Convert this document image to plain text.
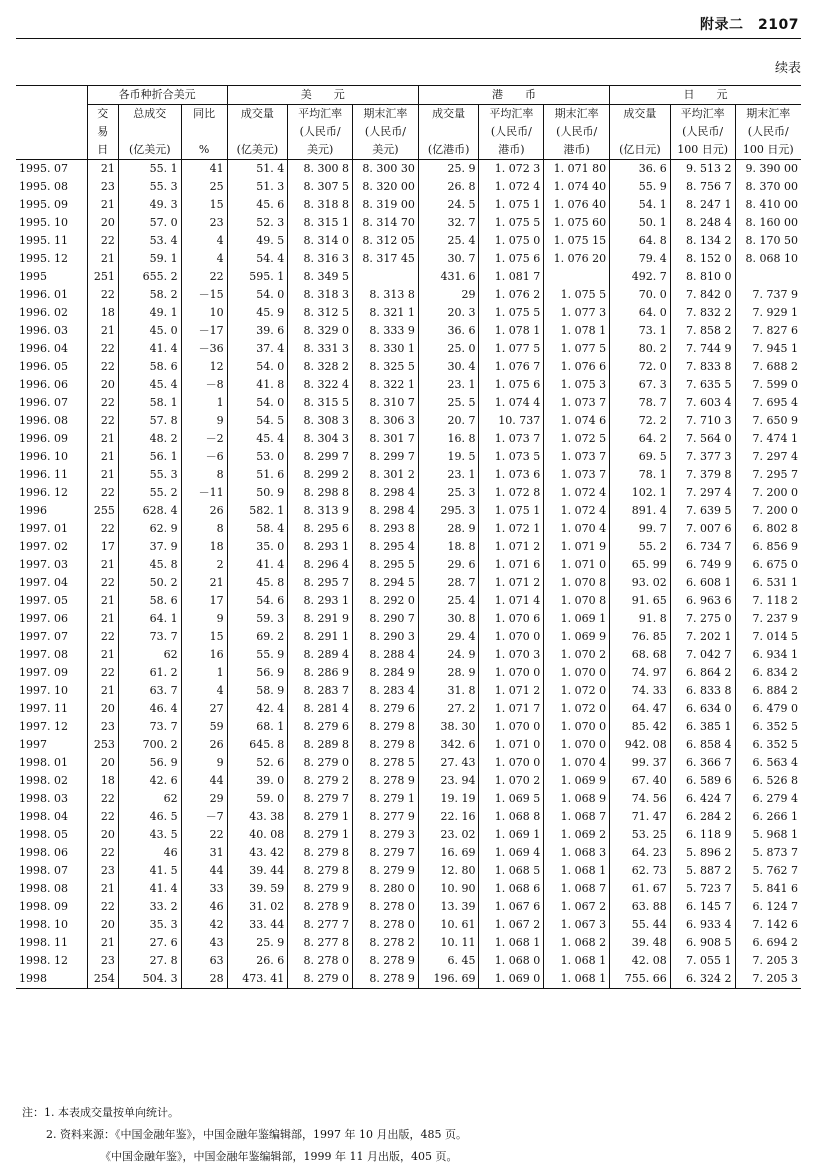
附录二　2107
续表
	各币种折合美元			美　　元			港　　币			日　　元		
	交	总成交	同比	成交量	平均汇率	期末汇率	成交量	平均汇率	期末汇率	成交量	平均汇率	期末汇率
	易				(人民币/	(人民币/		(人民币/	(人民币/		(人民币/	(人民币/
	日	(亿美元)	%	(亿美元)	美元)	美元)	(亿港币)	港币)	港币)	(亿日元)	100 日元)	100 日元)
1995. 07	21	55. 1	41	51. 4	8. 300 8	8. 300 30	25. 9	1. 072 3	1. 071 80	36. 6	9. 513 2	9. 390 00
1995. 08	23	55. 3	25	51. 3	8. 307 5	8. 320 00	26. 8	1. 072 4	1. 074 40	55. 9	8. 756 7	8. 370 00
1995. 09	21	49. 3	15	45. 6	8. 318 8	8. 319 00	24. 5	1. 075 1	1. 076 40	54. 1	8. 247 1	8. 410 00
1995. 10	20	57. 0	23	52. 3	8. 315 1	8. 314 70	32. 7	1. 075 5	1. 075 60	50. 1	8. 248 4	8. 160 00
1995. 11	22	53. 4	4	49. 5	8. 314 0	8. 312 05	25. 4	1. 075 0	1. 075 15	64. 8	8. 134 2	8. 170 50
1995. 12	21	59. 1	4	54. 4	8. 316 3	8. 317 45	30. 7	1. 075 6	1. 076 20	79. 4	8. 152 0	8. 068 10
1995	251	655. 2	22	595. 1	8. 349 5		431. 6	1. 081 7		492. 7	8. 810 0	
1996. 01	22	58. 2	－15	54. 0	8. 318 3	8. 313 8	29	1. 076 2	1. 075 5	70. 0	7. 842 0	7. 737 9
1996. 02	18	49. 1	10	45. 9	8. 312 5	8. 321 1	20. 3	1. 075 5	1. 077 3	64. 0	7. 832 2	7. 929 1
1996. 03	21	45. 0	－17	39. 6	8. 329 0	8. 333 9	36. 6	1. 078 1	1. 078 1	73. 1	7. 858 2	7. 827 6
1996. 04	22	41. 4	－36	37. 4	8. 331 3	8. 330 1	25. 0	1. 077 5	1. 077 5	80. 2	7. 744 9	7. 945 1
1996. 05	22	58. 6	12	54. 0	8. 328 2	8. 325 5	30. 4	1. 076 7	1. 076 6	72. 0	7. 833 8	7. 688 2
1996. 06	20	45. 4	－8	41. 8	8. 322 4	8. 322 1	23. 1	1. 075 6	1. 075 3	67. 3	7. 635 5	7. 599 0
1996. 07	22	58. 1	1	54. 0	8. 315 5	8. 310 7	25. 5	1. 074 4	1. 073 7	78. 7	7. 603 4	7. 695 4
1996. 08	22	57. 8	9	54. 5	8. 308 3	8. 306 3	20. 7	10. 737	1. 074 6	72. 2	7. 710 3	7. 650 9
1996. 09	21	48. 2	－2	45. 4	8. 304 3	8. 301 7	16. 8	1. 073 7	1. 072 5	64. 2	7. 564 0	7. 474 1
1996. 10	21	56. 1	－6	53. 0	8. 299 7	8. 299 7	19. 5	1. 073 5	1. 073 7	69. 5	7. 377 3	7. 297 4
1996. 11	21	55. 3	8	51. 6	8. 299 2	8. 301 2	23. 1	1. 073 6	1. 073 7	78. 1	7. 379 8	7. 295 7
1996. 12	22	55. 2	－11	50. 9	8. 298 8	8. 298 4	25. 3	1. 072 8	1. 072 4	102. 1	7. 297 4	7. 200 0
1996	255	628. 4	26	582. 1	8. 313 9	8. 298 4	295. 3	1. 075 1	1. 072 4	891. 4	7. 639 5	7. 200 0
1997. 01	22	62. 9	8	58. 4	8. 295 6	8. 293 8	28. 9	1. 072 1	1. 070 4	99. 7	7. 007 6	6. 802 8
1997. 02	17	37. 9	18	35. 0	8. 293 1	8. 295 4	18. 8	1. 071 2	1. 071 9	55. 2	6. 734 7	6. 856 9
1997. 03	21	45. 8	2	41. 4	8. 296 4	8. 295 5	29. 6	1. 071 6	1. 071 0	65. 99	6. 749 9	6. 675 0
1997. 04	22	50. 2	21	45. 8	8. 295 7	8. 294 5	28. 7	1. 071 2	1. 070 8	93. 02	6. 608 1	6. 531 1
1997. 05	21	58. 6	17	54. 6	8. 293 1	8. 292 0	25. 4	1. 071 4	1. 070 8	91. 65	6. 963 6	7. 118 2
1997. 06	21	64. 1	9	59. 3	8. 291 9	8. 290 7	30. 8	1. 070 6	1. 069 1	91. 8	7. 275 0	7. 237 9
1997. 07	22	73. 7	15	69. 2	8. 291 1	8. 290 3	29. 4	1. 070 0	1. 069 9	76. 85	7. 202 1	7. 014 5
1997. 08	21	62	16	55. 9	8. 289 4	8. 288 4	24. 9	1. 070 3	1. 070 2	68. 68	7. 042 7	6. 934 1
1997. 09	22	61. 2	1	56. 9	8. 286 9	8. 284 9	28. 9	1. 070 0	1. 070 0	74. 97	6. 864 2	6. 834 2
1997. 10	21	63. 7	4	58. 9	8. 283 7	8. 283 4	31. 8	1. 071 2	1. 072 0	74. 33	6. 833 8	6. 884 2
1997. 11	20	46. 4	27	42. 4	8. 281 4	8. 279 6	27. 2	1. 071 7	1. 072 0	64. 47	6. 634 0	6. 479 0
1997. 12	23	73. 7	59	68. 1	8. 279 6	8. 279 8	38. 30	1. 070 0	1. 070 0	85. 42	6. 385 1	6. 352 5
1997	253	700. 2	26	645. 8	8. 289 8	8. 279 8	342. 6	1. 071 0	1. 070 0	942. 08	6. 858 4	6. 352 5
1998. 01	20	56. 9	9	52. 6	8. 279 0	8. 278 5	27. 43	1. 070 0	1. 070 4	99. 37	6. 366 7	6. 563 4
1998. 02	18	42. 6	44	39. 0	8. 279 2	8. 278 9	23. 94	1. 070 2	1. 069 9	67. 40	6. 589 6	6. 526 8
1998. 03	22	62	29	59. 0	8. 279 7	8. 279 1	19. 19	1. 069 5	1. 068 9	74. 56	6. 424 7	6. 279 4
1998. 04	22	46. 5	－7	43. 38	8. 279 1	8. 277 9	22. 16	1. 068 8	1. 068 7	71. 47	6. 284 2	6. 266 1
1998. 05	20	43. 5	22	40. 08	8. 279 1	8. 279 3	23. 02	1. 069 1	1. 069 2	53. 25	6. 118 9	5. 968 1
1998. 06	22	46	31	43. 42	8. 279 8	8. 279 7	16. 69	1. 069 4	1. 068 3	64. 23	5. 896 2	5. 873 7
1998. 07	23	41. 5	44	39. 44	8. 279 8	8. 279 9	12. 80	1. 068 5	1. 068 1	62. 73	5. 887 2	5. 762 7
1998. 08	21	41. 4	33	39. 59	8. 279 9	8. 280 0	10. 90	1. 068 6	1. 068 7	61. 67	5. 723 7	5. 841 6
1998. 09	22	33. 2	46	31. 02	8. 278 9	8. 278 0	13. 39	1. 067 6	1. 067 2	63. 88	6. 145 7	6. 124 7
1998. 10	20	35. 3	42	33. 44	8. 277 7	8. 278 0	10. 61	1. 067 2	1. 067 3	55. 44	6. 933 4	7. 142 6
1998. 11	21	27. 6	43	25. 9	8. 277 8	8. 278 2	10. 11	1. 068 1	1. 068 2	39. 48	6. 908 5	6. 694 2
1998. 12	23	27. 8	63	26. 6	8. 278 0	8. 278 9	6. 45	1. 068 0	1. 068 1	42. 08	7. 055 1	7. 205 3
1998	254	504. 3	28	473. 41	8. 279 0	8. 278 9	196. 69	1. 069 0	1. 068 1	755. 66	6. 324 2	7. 205 3
注：1. 本表成交量按单向统计。
2. 资料来源：《中国金融年鉴》，中国金融年鉴编辑部，1997 年 10 月出版，485 页。
《中国金融年鉴》，中国金融年鉴编辑部，1999 年 11 月出版，405 页。
